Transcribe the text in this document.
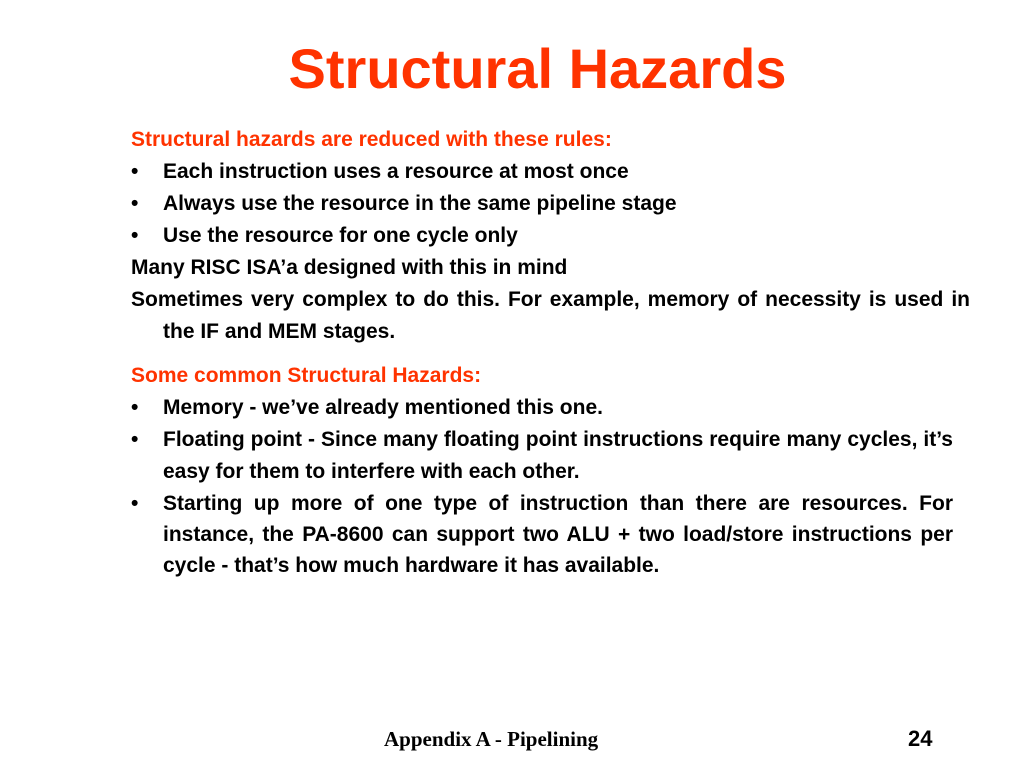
Structural Hazards
Structural hazards are reduced with these rules:
•	Each instruction uses a resource at most once
•	Always use the resource in the same pipeline stage
•	Use the resource for one cycle only
Many RISC ISA’a designed with this in mind
Sometimes very complex to do this. For example, memory of necessity is used in the IF and MEM stages.
Some common Structural Hazards:
•	Memory - we’ve already mentioned this one.
•	Floating point - Since many floating point instructions require many cycles, it’s easy for them to interfere with each other.
•	Starting up more of one type of instruction than there are resources. For instance, the PA-8600 can support two ALU + two load/store instructions per cycle - that’s how much hardware it has available.
Appendix A - Pipelining	24
